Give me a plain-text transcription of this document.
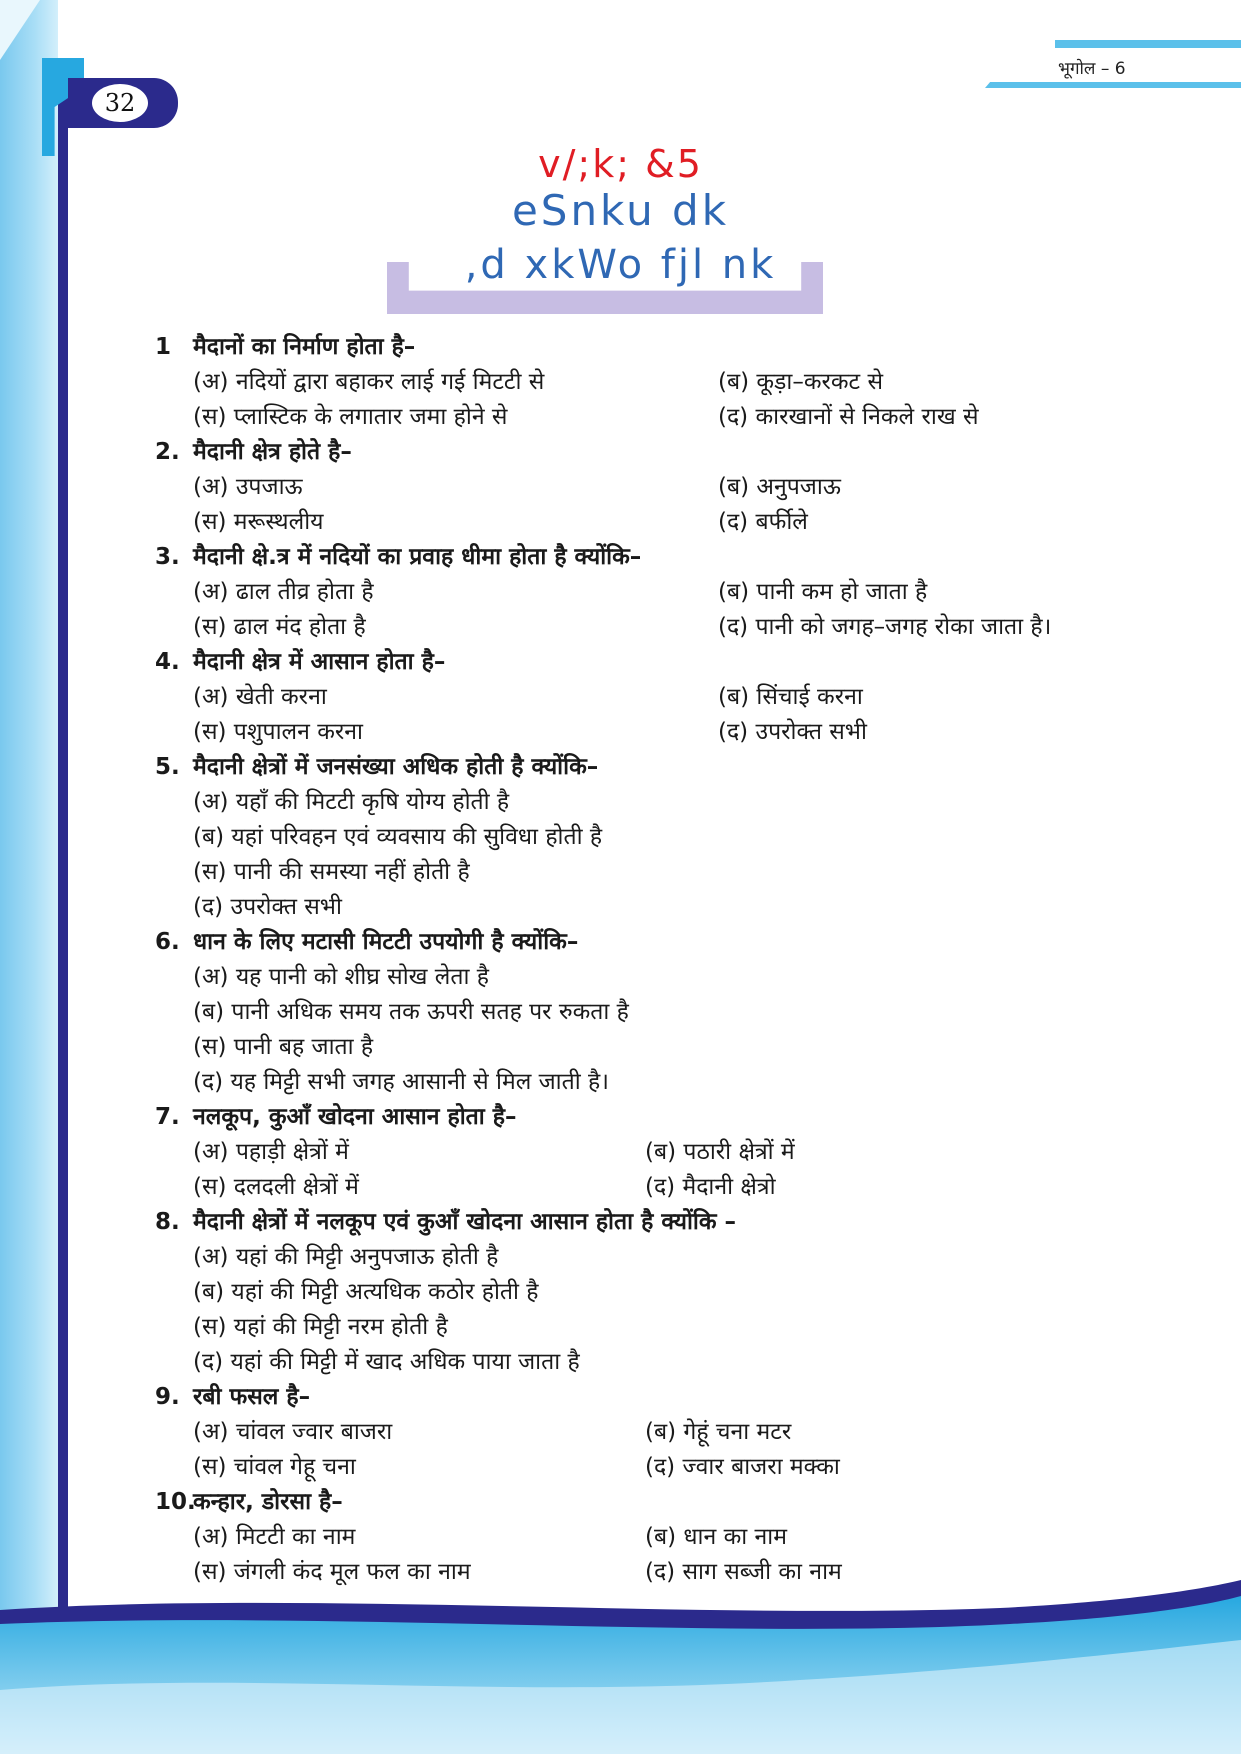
32
भूगोल – 6
v/;k; &5
eSnku dk
,d xkWo fjl nk
1 मैदानों का निर्माण होता है–
(अ) नदियों द्वारा बहाकर लाई गई मिटटी से	(ब) कूड़ा–करकट से
(स) प्लास्टिक के लगातार जमा होने से	(द) कारखानों से निकले राख से
2. मैदानी क्षेत्र होते है–
(अ) उपजाऊ	(ब) अनुपजाऊ
(स) मरूस्थलीय	(द) बर्फीले
3. मैदानी क्षे.त्र में नदियों का प्रवाह धीमा होता है क्योंकि–
(अ) ढाल तीव्र होता है	(ब) पानी कम हो जाता है
(स) ढाल मंद होता है	(द) पानी को जगह–जगह रोका जाता है।
4. मैदानी क्षेत्र में आसान होता है–
(अ) खेती करना	(ब) सिंचाई करना
(स) पशुपालन करना	(द) उपरोक्त सभी
5. मैदानी क्षेत्रों में जनसंख्या अधिक होती है क्योंकि–
(अ) यहाँ की मिटटी कृषि योग्य होती है
(ब) यहां परिवहन एवं व्यवसाय की सुविधा होती है
(स) पानी की समस्या नहीं होती है
(द) उपरोक्त सभी
6. धान के लिए मटासी मिटटी उपयोगी है क्योंकि–
(अ) यह पानी को शीघ्र सोख लेता है
(ब) पानी अधिक समय तक ऊपरी सतह पर रुकता है
(स) पानी बह जाता है
(द) यह मिट्टी सभी जगह आसानी से मिल जाती है।
7. नलकूप, कुआँ खोदना आसान होता है–
(अ) पहाड़ी क्षेत्रों में	(ब) पठारी क्षेत्रों में
(स) दलदली क्षेत्रों में	(द) मैदानी क्षेत्रो
8. मैदानी क्षेत्रों में नलकूप एवं कुआँ खोदना आसान होता है क्योंकि –
(अ) यहां की मिट्टी अनुपजाऊ होती है
(ब) यहां की मिट्टी अत्यधिक कठोर होती है
(स) यहां की मिट्टी नरम होती है
(द) यहां की मिट्टी में खाद अधिक पाया जाता है
9. रबी फसल है–
(अ) चांवल ज्वार बाजरा	(ब) गेहूं चना मटर
(स) चांवल गेहू चना	(द) ज्वार बाजरा मक्का
10.कन्हार, डोरसा है–
(अ) मिटटी का नाम	(ब) धान का नाम
(स) जंगली कंद मूल फल का नाम	(द) साग सब्जी का नाम
